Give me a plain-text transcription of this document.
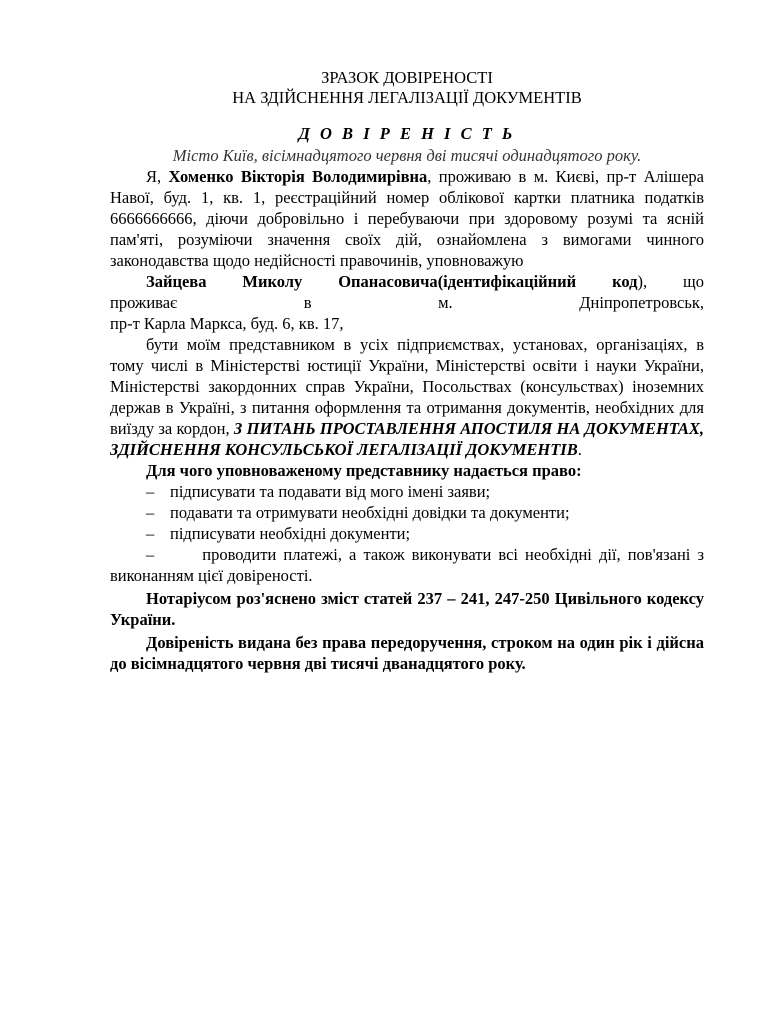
ЗРАЗОК ДОВІРЕНОСТІ

НА ЗДІЙСНЕННЯ ЛЕГАЛІЗАЦІЇ ДОКУМЕНТІВ

Д О В І Р Е Н І С Т Ь

Місто Київ, вісімнадцятого червня дві тисячі одинадцятого року.

Я, Хоменко Вікторія Володимирівна, проживаю в м. Києві, пр-т Алішера Навої, буд. 1, кв. 1, реєстраційний номер облікової картки платника податків 6666666666, діючи добровільно і перебуваючи при здоровому розумі та ясній пам'яті, розуміючи значення своїх дій, ознайомлена з вимогами чинного законодавства щодо недійсності правочинів, уповноважую

Зайцева Миколу Опанасовича(ідентифікаційний код), що

проживає в м. Дніпропетровськ,

пр-т Карла Маркса, буд. 6, кв. 17,

бути моїм представником в усіх підприємствах, установах, організаціях, в тому числі в Міністерстві юстиції України, Міністерстві освіти і науки України, Міністерстві закордонних справ України, Посольствах (консульствах) іноземних держав в Україні, з питання оформлення та отримання документів, необхідних для виїзду за кордон, З ПИТАНЬ ПРОСТАВЛЕННЯ АПОСТИЛЯ НА ДОКУМЕНТАХ, ЗДІЙСНЕННЯ КОНСУЛЬСЬКОЇ ЛЕГАЛІЗАЦІЇ ДОКУМЕНТІВ.

Для чого уповноваженому представнику надається право:

– підписувати та подавати від мого імені заяви;
– подавати та отримувати необхідні довідки та документи;
– підписувати необхідні документи;

–	проводити платежі, а також виконувати всі необхідні дії, пов'язані з виконанням цієї довіреності.

Нотаріусом роз'яснено зміст статей 237 – 241, 247-250 Цивільного кодексу України.

Довіреність видана без права передоручення, строком на один рік і дійсна до вісімнадцятого червня дві тисячі дванадцятого року.
